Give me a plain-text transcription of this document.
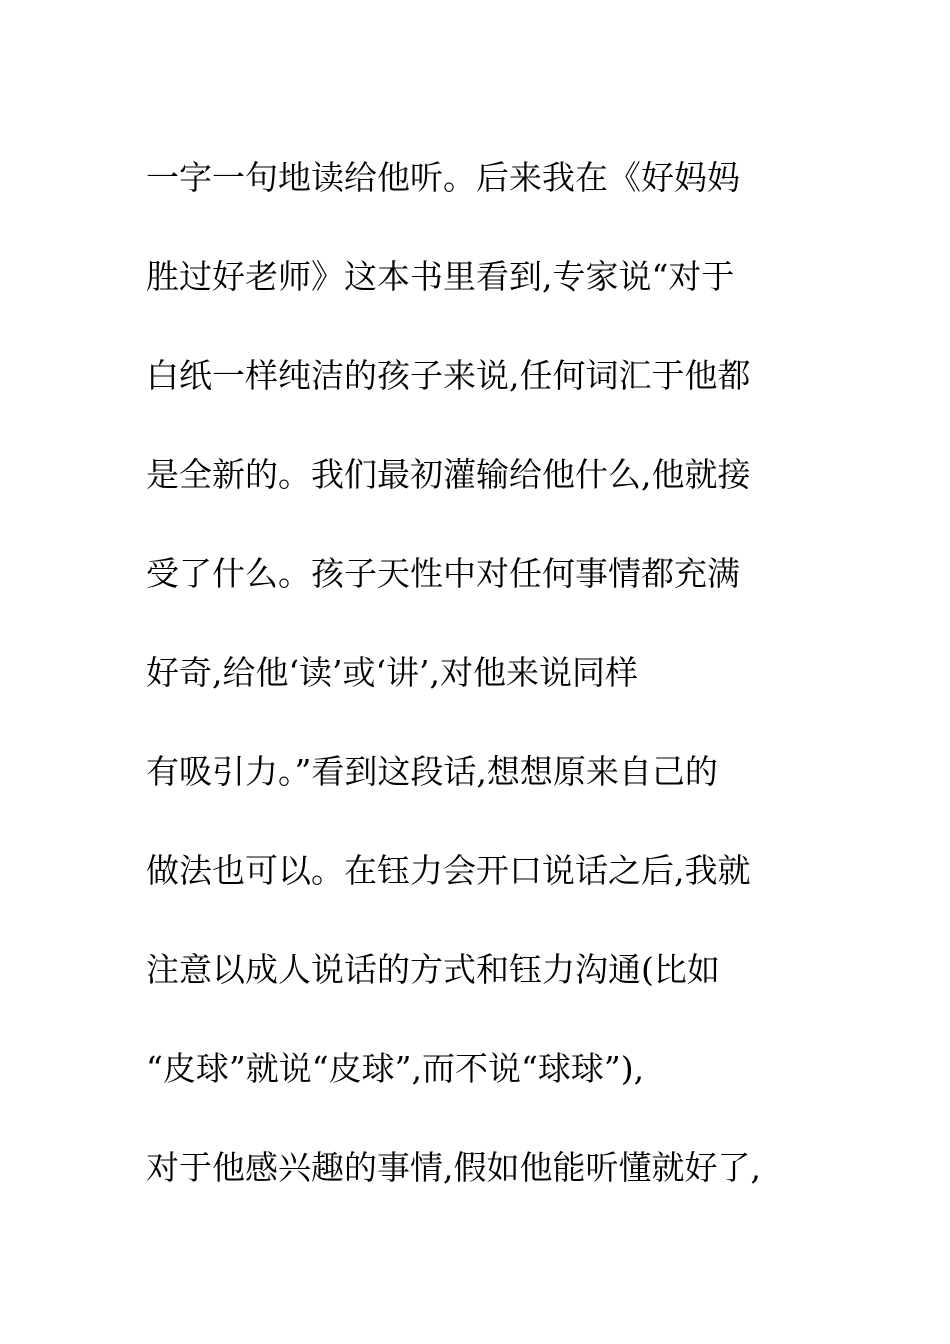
一字一句地读给他听。后来我在《好妈妈
胜过好老师》这本书里看到,专家说“对于
白纸一样纯洁的孩子来说,任何词汇于他都
是全新的。我们最初灌输给他什么,他就接
受了什么。孩子天性中对任何事情都充满
好奇,给他‘读’或‘讲’,对他来说同样
有吸引力。”看到这段话,想想原来自己的
做法也可以。在钰力会开口说话之后,我就
注意以成人说话的方式和钰力沟通(比如
“皮球”就说“皮球”,而不说“球球”),
对于他感兴趣的事情,假如他能听懂就好了,
